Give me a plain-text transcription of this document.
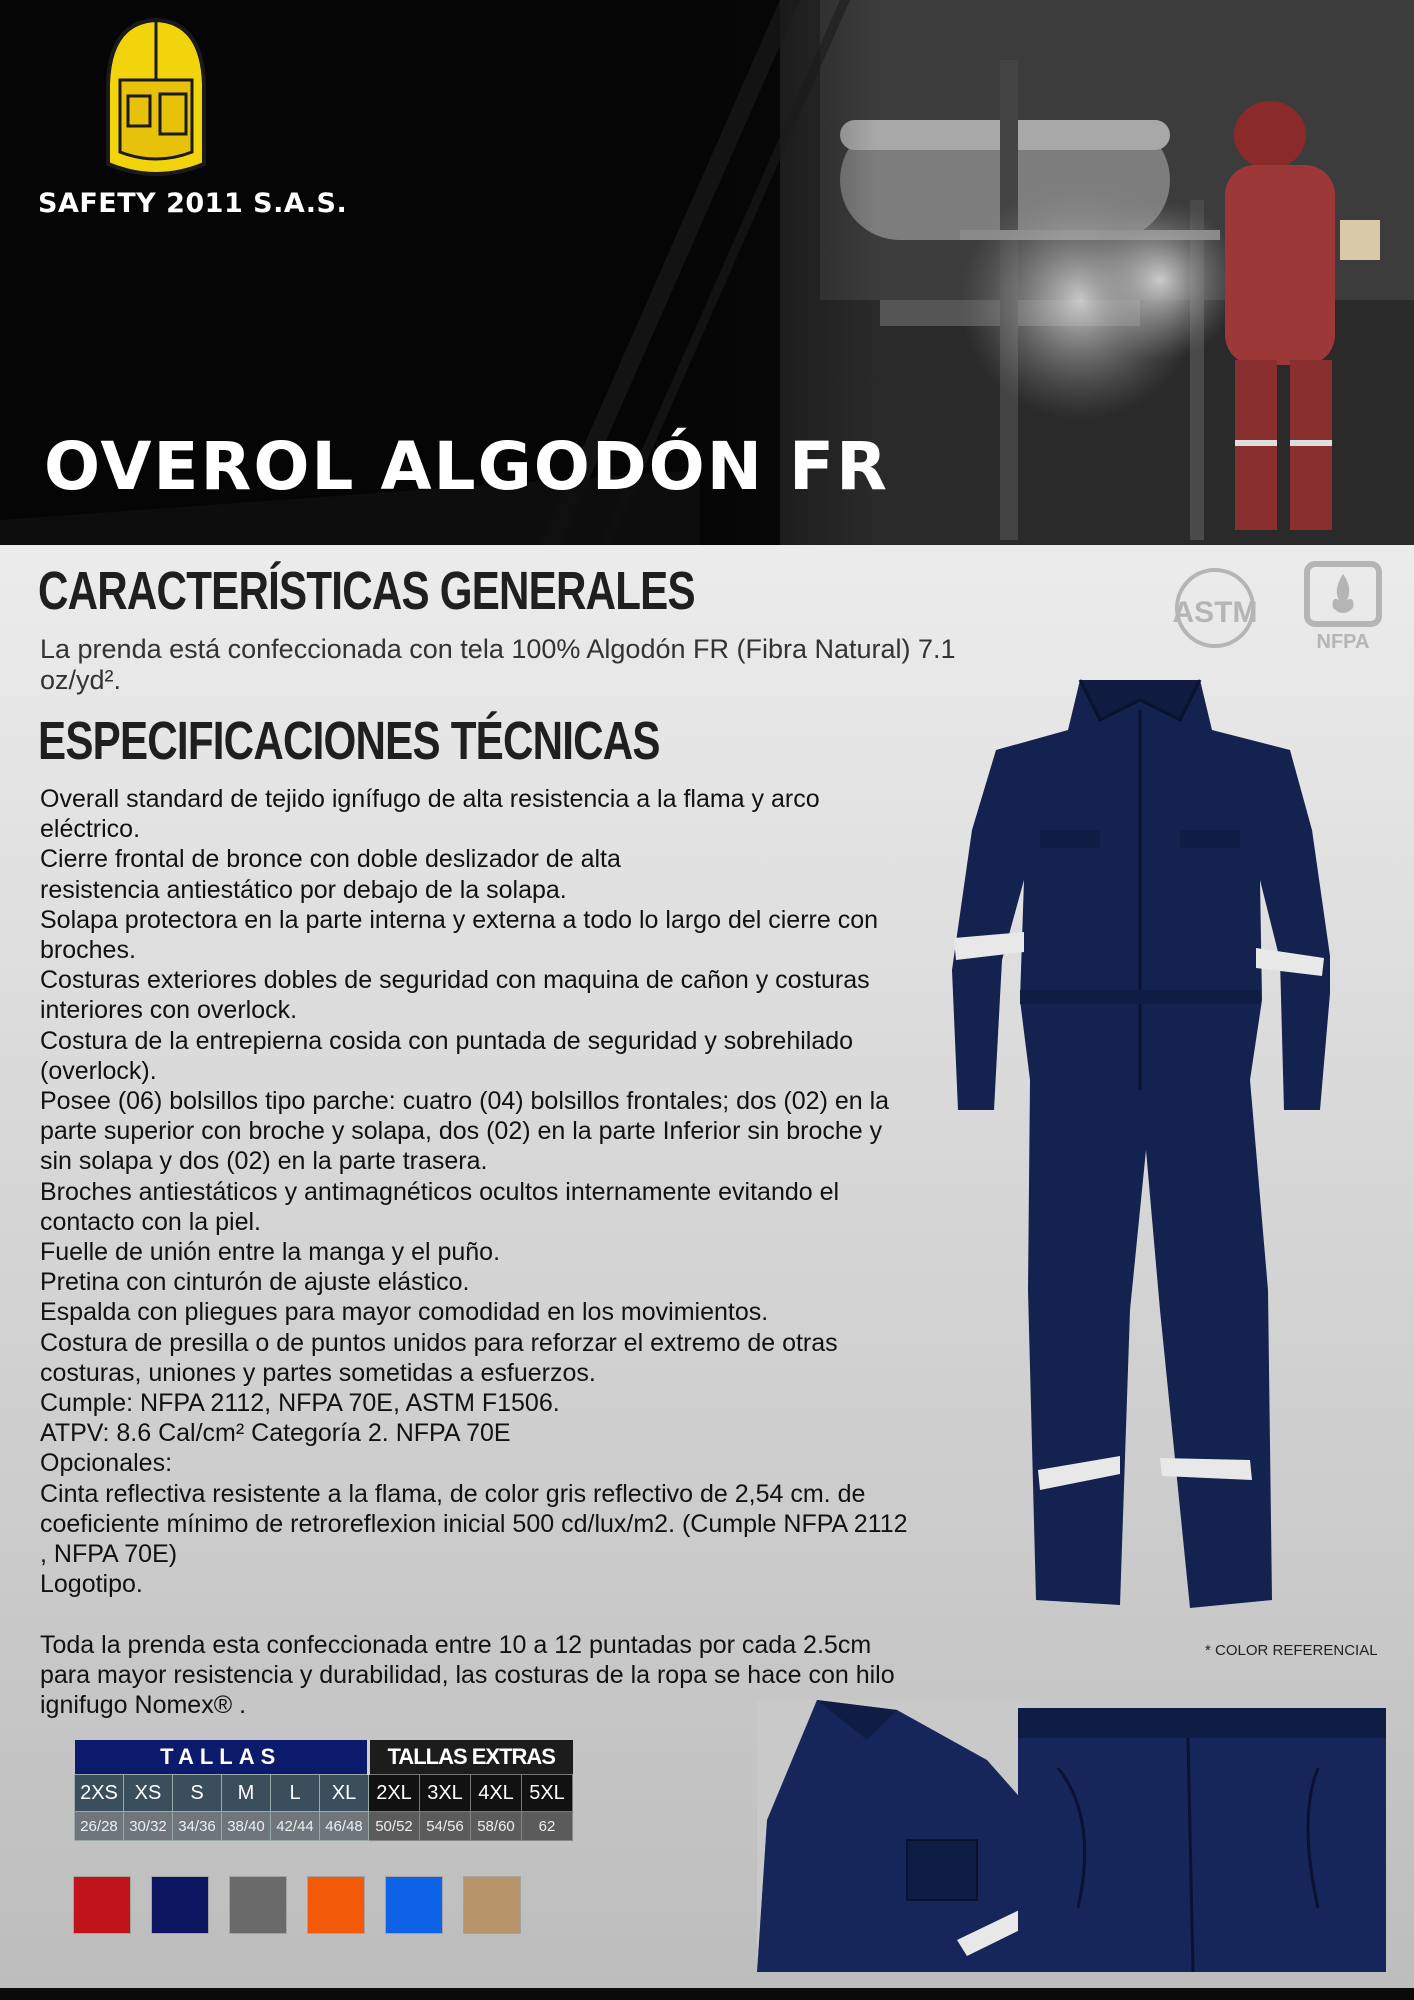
SAFETY 2011 S.A.S.
OVEROL ALGODÓN FR
CARACTERÍSTICAS GENERALES

La prenda está confeccionada con tela 100% Algodón FR (Fibra Natural) 7.1 oz/yd².

ASTM
NFPA
ESPECIFICACIONES TÉCNICAS
Overall standard de tejido ignífugo de alta resistencia a la flama y arco eléctrico.
Cierre frontal de bronce con doble deslizador de alta resistencia antiestático por debajo de la solapa.
Solapa protectora en la parte interna y externa a todo lo largo del cierre con broches.
Costuras exteriores dobles de seguridad con maquina de cañon y costuras interiores con overlock.
Costura de la entrepierna cosida con puntada de seguridad y sobrehilado (overlock).
Posee (06) bolsillos tipo parche: cuatro (04) bolsillos frontales; dos (02) en la parte superior con broche y solapa, dos (02) en la parte Inferior sin broche y sin solapa y dos (02) en la parte trasera.
Broches antiestáticos y antimagnéticos ocultos internamente evitando el contacto con la piel.
Fuelle de unión entre la manga y el puño.
Pretina con cinturón de ajuste elástico.
Espalda con pliegues para mayor comodidad en los movimientos.
Costura de presilla o de puntos unidos para reforzar el extremo de otras costuras, uniones y partes sometidas a esfuerzos.
Cumple: NFPA 2112, NFPA 70E, ASTM F1506.
ATPV: 8.6 Cal/cm² Categoría 2. NFPA 70E
Opcionales:
Cinta reflectiva resistente a la flama, de color gris reflectivo de 2,54 cm. de coeficiente mínimo de retroreflexion inicial 500 cd/lux/m2. (Cumple NFPA 2112 , NFPA 70E)
Logotipo.

Toda la prenda esta confeccionada entre 10 a 12 puntadas por cada 2.5cm para mayor resistencia y durabilidad, las costuras de la ropa se hace con hilo ignifugo Nomex® .

* COLOR REFERENCIAL
TALLAS						TALLAS EXTRAS			
2XS	XS	S	M	L	XL	2XL	3XL	4XL	5XL
26/28	30/32	34/36	38/40	42/44	46/48	50/52	54/56	58/60	62
